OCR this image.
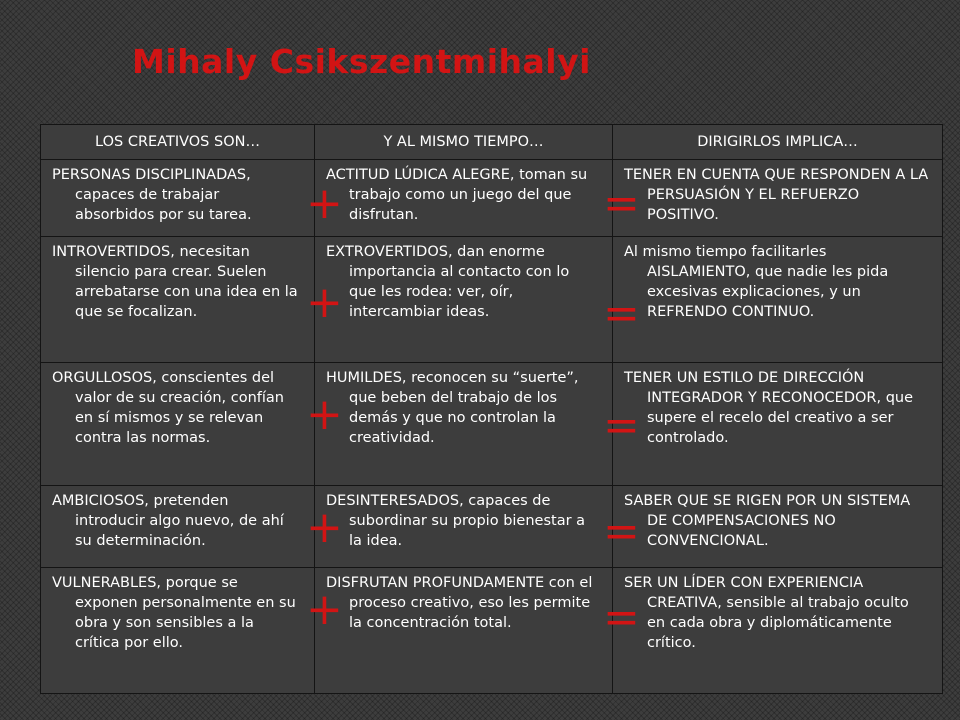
Mihaly Csikszentmihalyi
LOS CREATIVOS SON…	Y AL MISMO TIEMPO…	DIRIGIRLOS IMPLICA…

PERSONAS DISCIPLINADAS, capaces de trabajar absorbidos por su tarea.	ACTITUD LÚDICA ALEGRE, toman su trabajo como un juego del que disfrutan.	TENER EN CUENTA QUE RESPONDEN A LA PERSUASIÓN Y EL REFUERZO POSITIVO.

INTROVERTIDOS, necesitan silencio para crear. Suelen arrebatarse con una idea en la que se focalizan.	EXTROVERTIDOS, dan enorme importancia al contacto con lo que les rodea: ver, oír, intercambiar ideas.	Al mismo tiempo facilitarles AISLAMIENTO, que nadie les pida excesivas explicaciones, y un REFRENDO CONTINUO.

ORGULLOSOS, conscientes del valor de su creación, confían en sí mismos y se relevan contra las normas.	HUMILDES, reconocen su “suerte”, que beben del trabajo de los demás y que no controlan la creatividad.	TENER UN ESTILO DE DIRECCIÓN INTEGRADOR Y RECONOCEDOR, que supere el recelo del creativo a ser controlado.

AMBICIOSOS, pretenden introducir algo nuevo, de ahí su determinación.	DESINTERESADOS, capaces de subordinar su propio bienestar a la idea.	SABER QUE SE RIGEN POR UN SISTEMA DE COMPENSACIONES NO CONVENCIONAL.

VULNERABLES, porque se exponen personalmente en su obra y son sensibles a la crítica por ello.	DISFRUTAN PROFUNDAMENTE con el proceso creativo, eso les permite la concentración total.	SER UN LÍDER CON EXPERIENCIA CREATIVA, sensible al trabajo oculto en cada obra y diplomáticamente crítico.

+	=
+	=
+	=
+	=
+	=
